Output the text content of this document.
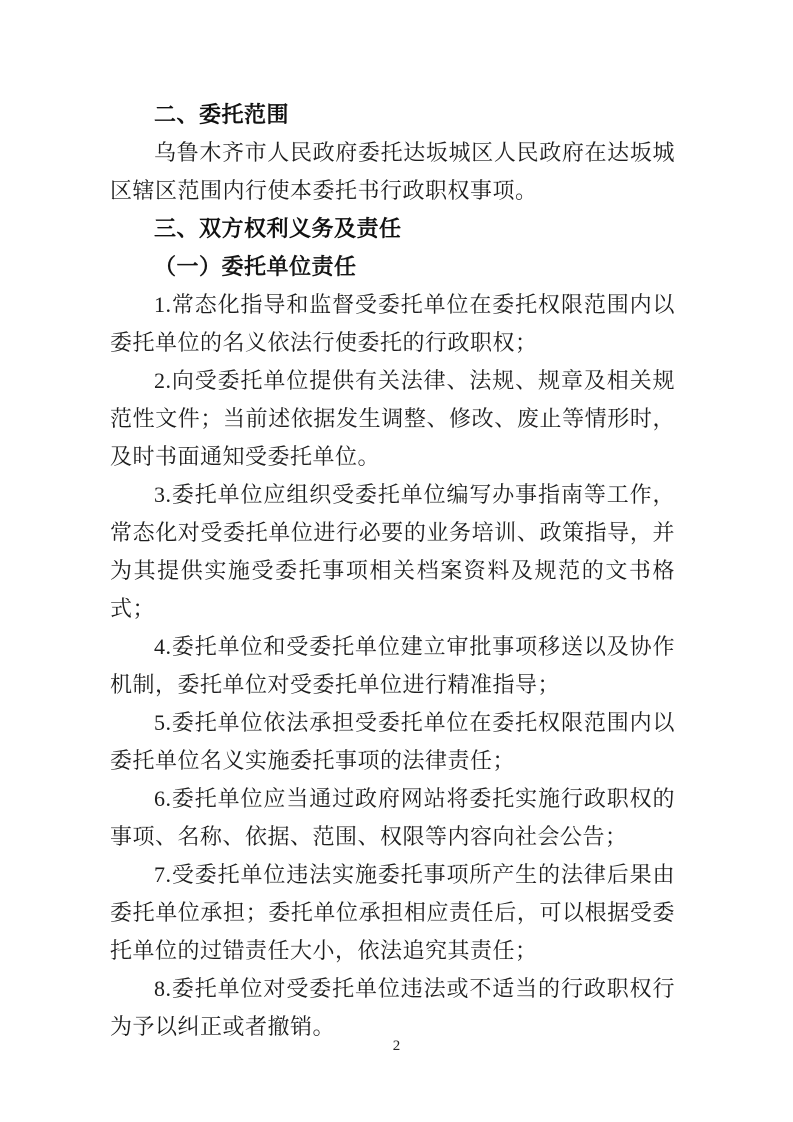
二、委托范围

乌鲁木齐市人民政府委托达坂城区人民政府在达坂城区辖区范围内行使本委托书行政职权事项。

三、双方权利义务及责任

（一）委托单位责任

1.常态化指导和监督受委托单位在委托权限范围内以委托单位的名义依法行使委托的行政职权；

2.向受委托单位提供有关法律、法规、规章及相关规范性文件；当前述依据发生调整、修改、废止等情形时，及时书面通知受委托单位。

3.委托单位应组织受委托单位编写办事指南等工作，常态化对受委托单位进行必要的业务培训、政策指导，并为其提供实施受委托事项相关档案资料及规范的文书格式；

4.委托单位和受委托单位建立审批事项移送以及协作机制，委托单位对受委托单位进行精准指导；

5.委托单位依法承担受委托单位在委托权限范围内以委托单位名义实施委托事项的法律责任；

6.委托单位应当通过政府网站将委托实施行政职权的事项、名称、依据、范围、权限等内容向社会公告；

7.受委托单位违法实施委托事项所产生的法律后果由委托单位承担；委托单位承担相应责任后，可以根据受委托单位的过错责任大小，依法追究其责任；

8.委托单位对受委托单位违法或不适当的行政职权行为予以纠正或者撤销。

2
